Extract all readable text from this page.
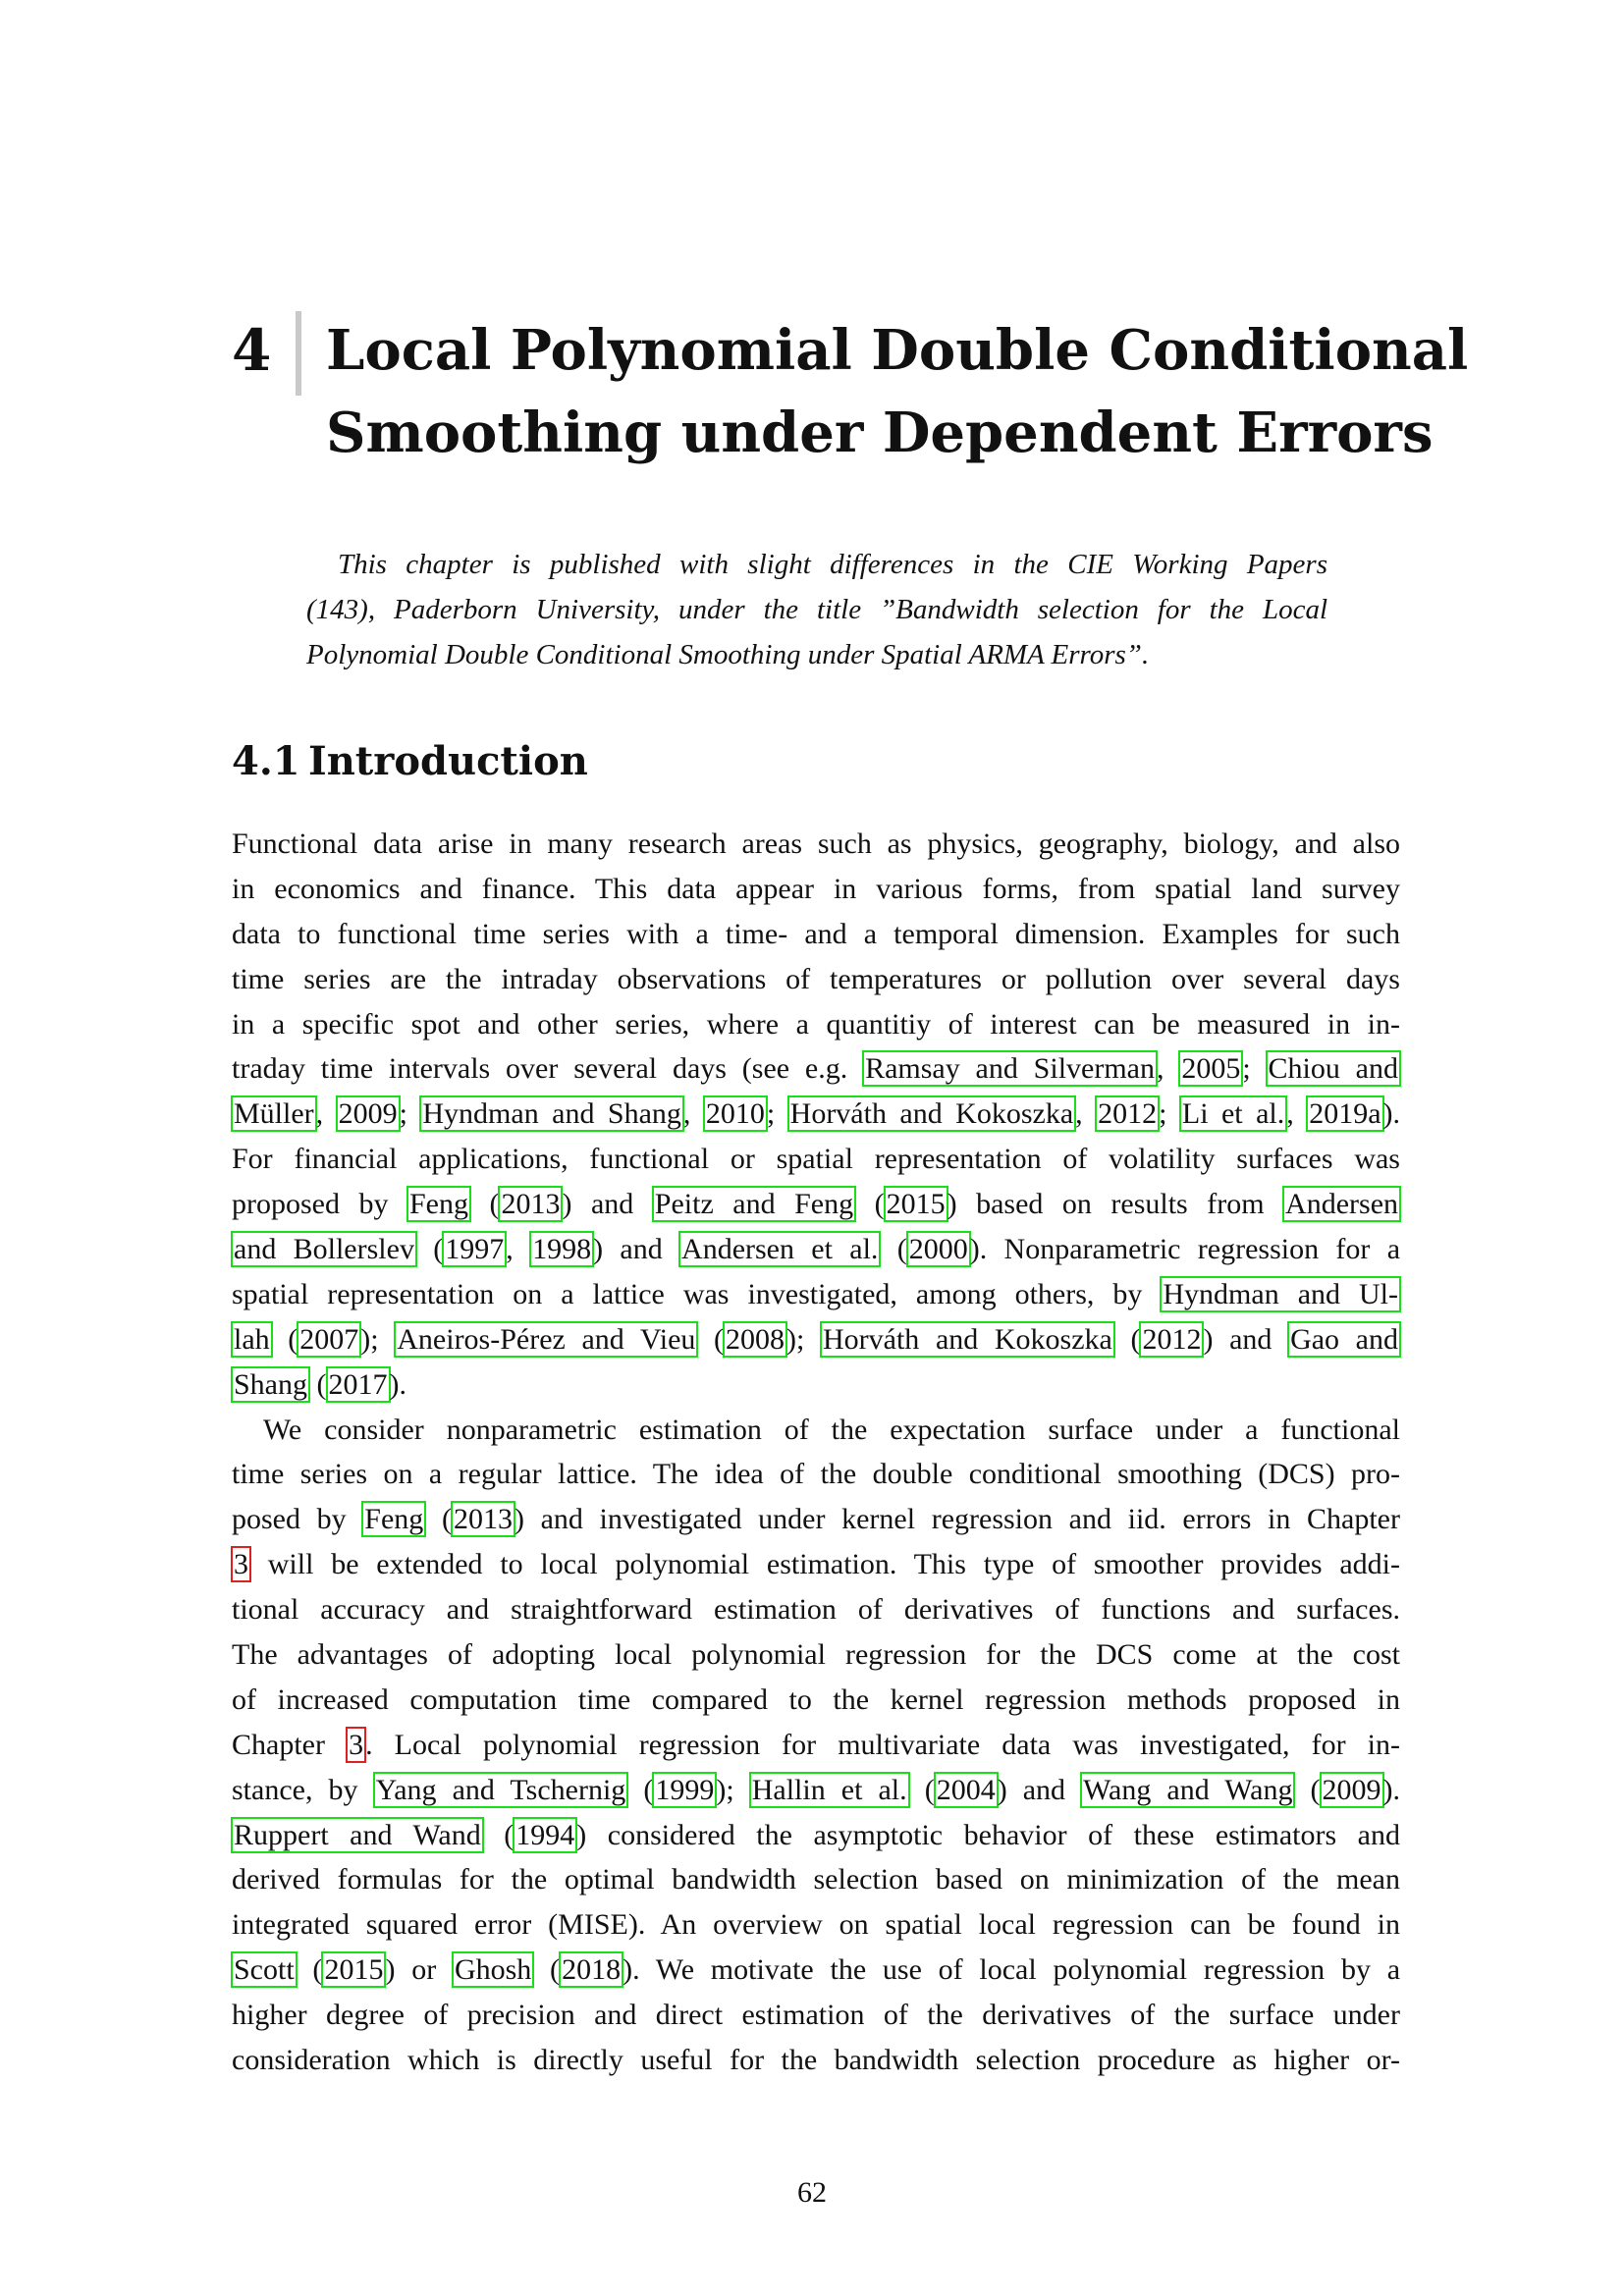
4 Local Polynomial Double Conditional
Smoothing under Dependent Errors
This chapter is published with slight differences in the CIE Working Papers
(143), Paderborn University, under the title ”Bandwidth selection for the Local
Polynomial Double Conditional Smoothing under Spatial ARMA Errors”.
4.1 Introduction
Functional data arise in many research areas such as physics, geography, biology, and also
in economics and finance. This data appear in various forms, from spatial land survey
data to functional time series with a time- and a temporal dimension. Examples for such
time series are the intraday observations of temperatures or pollution over several days
in a specific spot and other series, where a quantitiy of interest can be measured in in-
traday time intervals over several days (see e.g. Ramsay and Silverman, 2005; Chiou and
Müller, 2009; Hyndman and Shang, 2010; Horváth and Kokoszka, 2012; Li et al., 2019a).
For financial applications, functional or spatial representation of volatility surfaces was
proposed by Feng (2013) and Peitz and Feng (2015) based on results from Andersen
and Bollerslev (1997, 1998) and Andersen et al. (2000). Nonparametric regression for a
spatial representation on a lattice was investigated, among others, by Hyndman and Ul-
lah (2007); Aneiros-Pérez and Vieu (2008); Horváth and Kokoszka (2012) and Gao and
Shang (2017).
We consider nonparametric estimation of the expectation surface under a functional
time series on a regular lattice. The idea of the double conditional smoothing (DCS) pro-
posed by Feng (2013) and investigated under kernel regression and iid. errors in Chapter
3 will be extended to local polynomial estimation. This type of smoother provides addi-
tional accuracy and straightforward estimation of derivatives of functions and surfaces.
The advantages of adopting local polynomial regression for the DCS come at the cost
of increased computation time compared to the kernel regression methods proposed in
Chapter 3. Local polynomial regression for multivariate data was investigated, for in-
stance, by Yang and Tschernig (1999); Hallin et al. (2004) and Wang and Wang (2009).
Ruppert and Wand (1994) considered the asymptotic behavior of these estimators and
derived formulas for the optimal bandwidth selection based on minimization of the mean
integrated squared error (MISE). An overview on spatial local regression can be found in
Scott (2015) or Ghosh (2018). We motivate the use of local polynomial regression by a
higher degree of precision and direct estimation of the derivatives of the surface under
consideration which is directly useful for the bandwidth selection procedure as higher or-
62
